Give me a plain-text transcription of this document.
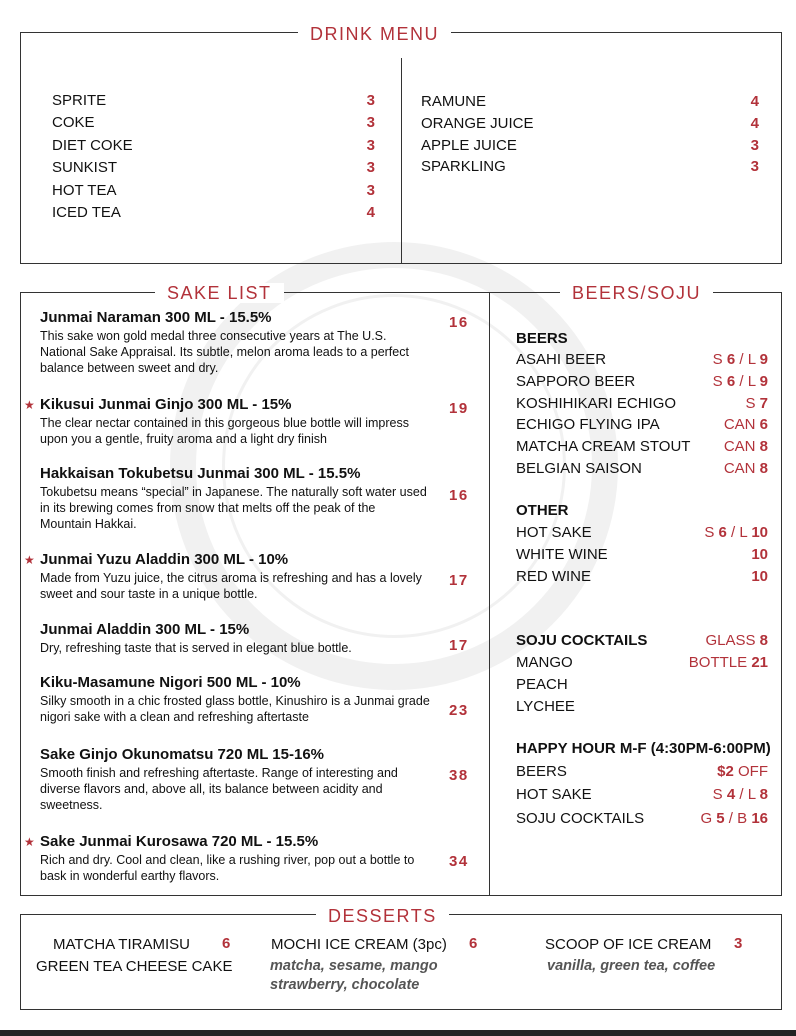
DRINK MENU
SPRITE	3
COKE	3
DIET COKE	3
SUNKIST	3
HOT TEA	3
ICED TEA	4
RAMUNE	4
ORANGE JUICE	4
APPLE JUICE	3
SPARKLING	3
SAKE LIST
Junmai Naraman 300 ML - 15.5%
This sake won gold medal three consecutive years at The U.S. National Sake Appraisal. Its subtle, melon aroma leads to a perfect balance between sweet and dry.
16
Kikusui Junmai Ginjo 300 ML - 15%
The clear nectar contained in this gorgeous blue bottle will impress upon you a gentle, fruity aroma and a light dry finish
19
★
Hakkaisan Tokubetsu Junmai 300 ML - 15.5%
Tokubetsu means “special” in Japanese. The naturally soft water used in its brewing comes from snow that melts off the peak of the Mountain Hakkai.
16
Junmai Yuzu Aladdin 300 ML - 10%
Made from Yuzu juice, the citrus aroma is refreshing and has a lovely sweet and sour taste in a unique bottle.
17
★
Junmai Aladdin 300 ML - 15%
Dry, refreshing taste that is served in elegant blue bottle.	17
Kiku-Masamune Nigori 500 ML - 10%
Silky smooth in a chic frosted glass bottle, Kinushiro is a Junmai grade nigori sake with a clean and refreshing aftertaste	23
Sake Ginjo Okunomatsu 720 ML 15-16%
Smooth finish and refreshing aftertaste. Range of interesting and diverse flavors and, above all, its balance between acidity and sweetness.
38
Sake Junmai Kurosawa 720 ML - 15.5%
Rich and dry. Cool and clean, like a rushing river, pop out a bottle to bask in wonderful earthy flavors.
34
★
BEERS/SOJU
BEERS
ASAHI BEER	S 6 / L 9
SAPPORO BEER	S 6 / L 9
KOSHIHIKARI ECHIGO	S 7
ECHIGO FLYING IPA	CAN 6
MATCHA CREAM STOUT CAN 8
BELGIAN SAISON	CAN 8
OTHER
HOT SAKE	S 6 / L 10
WHITE WINE	10
RED WINE	10
SOJU COCKTAILS	GLASS 8
MANGO	BOTTLE 21
PEACH
LYCHEE
HAPPY HOUR M-F (4:30PM-6:00PM)
BEERS	$2 OFF
HOT SAKE	S 4 / L 8
SOJU COCKTAILS	G 5 / B 16
DESSERTS
MATCHA TIRAMISU 6
GREEN TEA CHEESE CAKE
MOCHI ICE CREAM (3pc) 6
matcha, sesame, mango
strawberry, chocolate
SCOOP OF ICE CREAM 3
vanilla, green tea, coffee
